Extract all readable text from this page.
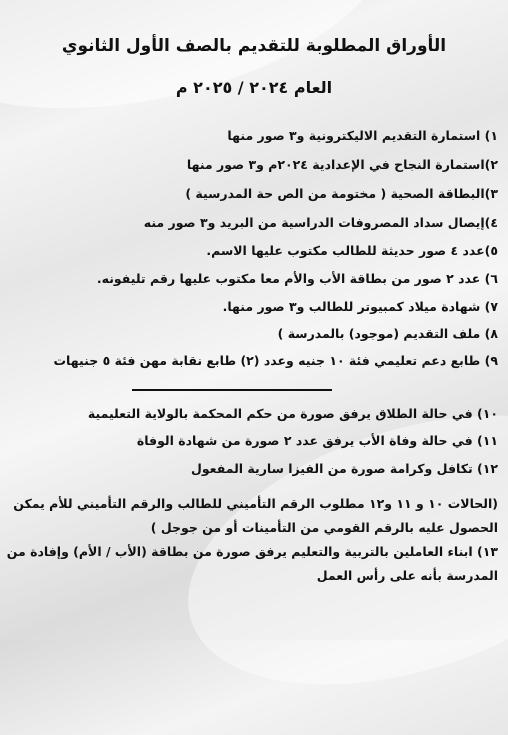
الأوراق المطلوبة للتقديم بالصف الأول الثانوي
العام ٢٠٢٤ / ٢٠٢٥ م
١) استمارة التقديم الاليكترونية و٣ صور منها
٢)استمارة النجاح في الإعدادية ٢٠٢٤م و٣ صور منها
٣)البطاقة الصحية ( مختومة من الص حة المدرسية )
٤)إيصال سداد المصروفات الدراسية من البريد و٣ صور منه
٥)عدد ٤ صور حديثة للطالب مكتوب عليها الاسم.
٦) عدد ٢ صور من بطاقة الأب والأم معا مكتوب عليها رقم تليفونه.
٧) شهادة ميلاد كمبيوتر للطالب و٣ صور منها.
٨) ملف التقديم (موجود) بالمدرسة )
٩) طابع دعم تعليمي فئة ١٠ جنيه وعدد (٢) طابع نقابة مهن فئة ٥ جنيهات
١٠) في حالة الطلاق يرفق صورة من حكم المحكمة بالولاية التعليمية
١١) في حالة وفاة الأب يرفق عدد ٢ صورة من شهادة الوفاة
١٢) تكافل وكرامة صورة من الفيزا سارية المفعول
(الحالات ١٠ و ١١ و١٢ مطلوب الرقم التأميني للطالب والرقم التأميني للأم يمكن الحصول عليه بالرقم القومي من التأمينات أو من جوجل )
١٣) ابناء العاملين بالتربية والتعليم يرفق صورة من بطاقة (الأب / الأم) وإفادة من المدرسة بأنه على رأس العمل
